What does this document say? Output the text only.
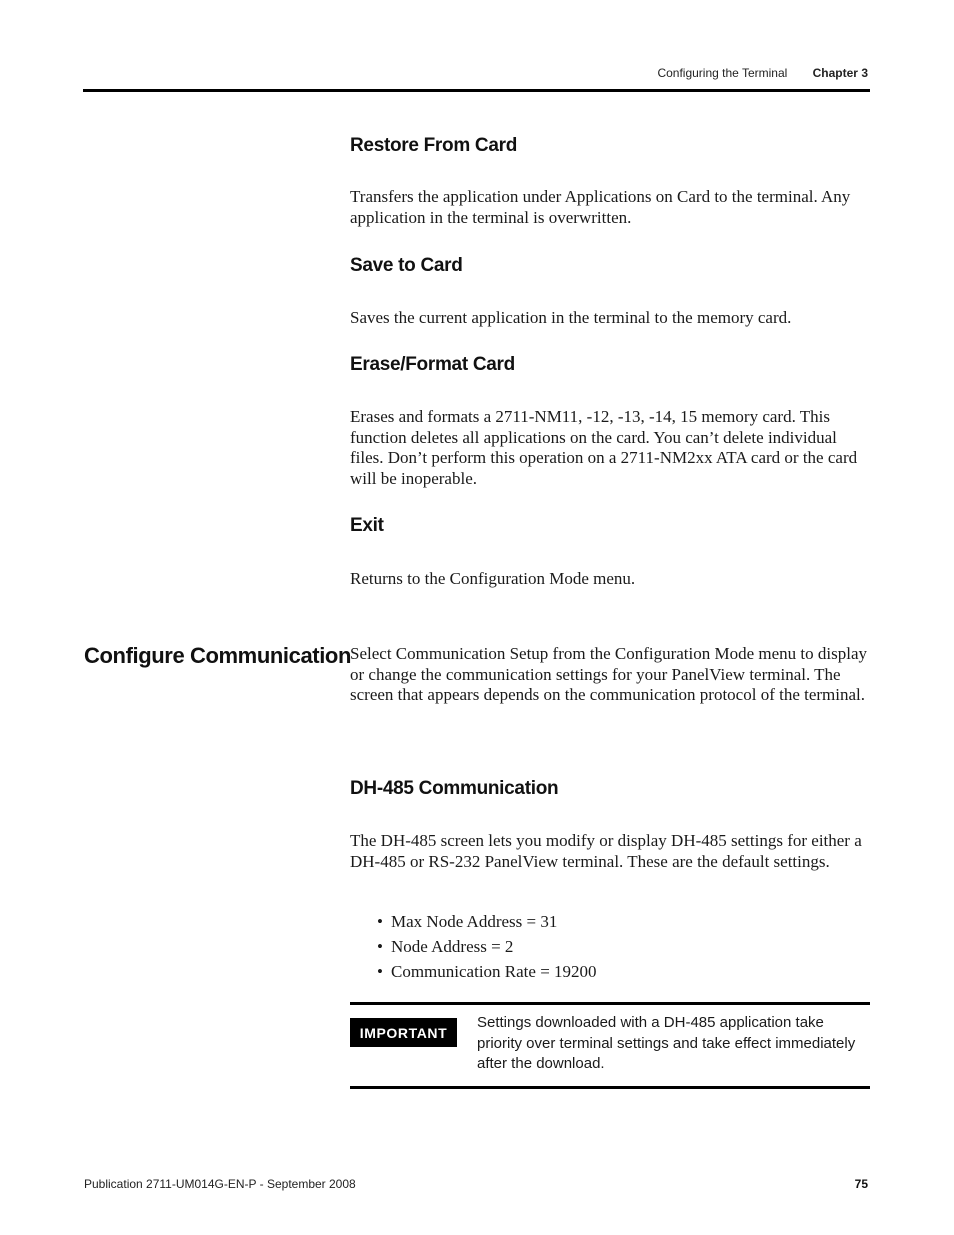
Configuring the Terminal Chapter 3
Restore From Card

Transfers the application under Applications on Card to the terminal. Any application in the terminal is overwritten.

Save to Card

Saves the current application in the terminal to the memory card.

Erase/Format Card

Erases and formats a 2711-NM11, -12, -13, -14, 15 memory card. This function deletes all applications on the card. You can’t delete individual files. Don’t perform this operation on a 2711-NM2xx ATA card or the card will be inoperable.

Exit

Returns to the Configuration Mode menu.

Configure Communication

Select Communication Setup from the Configuration Mode menu to display or change the communication settings for your PanelView terminal. The screen that appears depends on the communication protocol of the terminal.

DH-485 Communication

The DH-485 screen lets you modify or display DH-485 settings for either a DH-485 or RS-232 PanelView terminal. These are the default settings.

• Max Node Address = 31
• Node Address = 2
• Communication Rate = 19200
IMPORTANT
Settings downloaded with a DH-485 application take priority over terminal settings and take effect immediately after the download.
Publication 2711-UM014G-EN-P - September 2008	75
